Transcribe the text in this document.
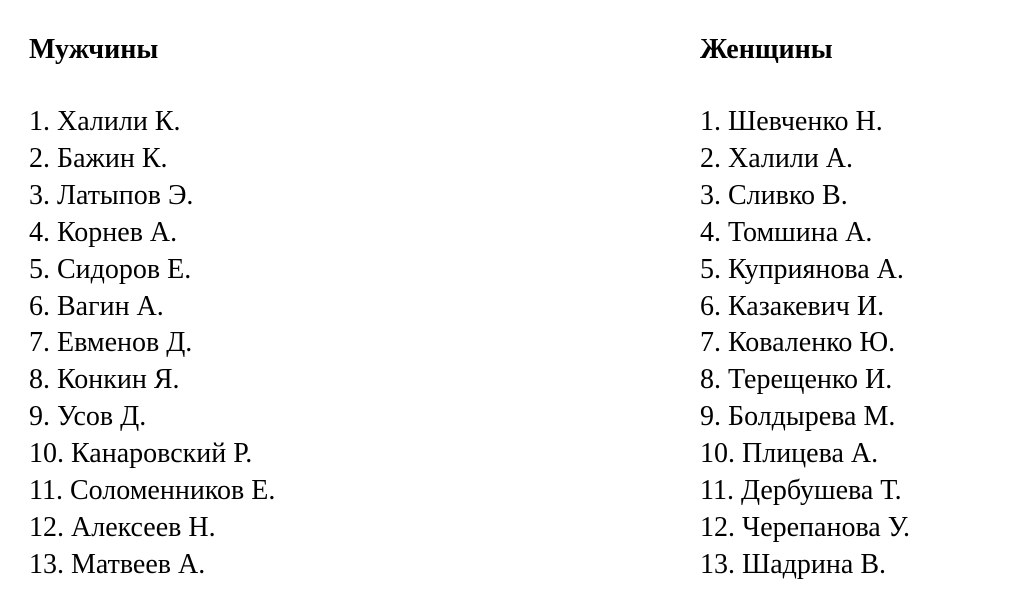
Мужчины
1. Халили К.
2. Бажин К.
3. Латыпов Э.
4. Корнев А.
5. Сидоров Е.
6. Вагин А.
7. Евменов Д.
8. Конкин Я.
9. Усов Д.
10. Канаровский Р.
11. Соломенников Е.
12. Алексеев Н.
13. Матвеев А.
Женщины
1. Шевченко Н.
2. Халили А.
3. Сливко В.
4. Томшина А.
5. Куприянова А.
6. Казакевич И.
7. Коваленко Ю.
8. Терещенко И.
9. Болдырева М.
10. Плицева А.
11. Дербушева Т.
12. Черепанова У.
13. Шадрина В.
